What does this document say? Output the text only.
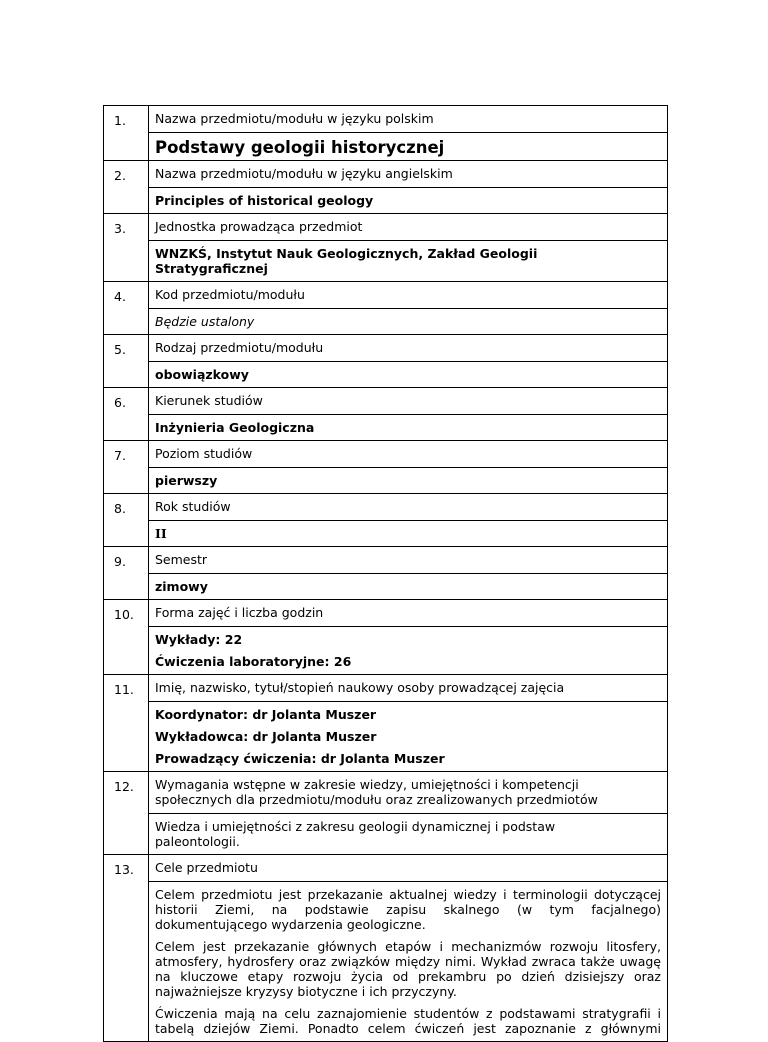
1.	Nazwa przedmiotu/modułu w języku polskim

Podstawy geologii historycznej

2.	Nazwa przedmiotu/modułu w języku angielskim

Principles of historical geology

3.	Jednostka prowadząca przedmiot

WNZKŚ, Instytut Nauk Geologicznych, Zakład Geologii Stratygraficznej

4.	Kod przedmiotu/modułu

Będzie ustalony

5.	Rodzaj przedmiotu/modułu

obowiązkowy

6.	Kierunek studiów

Inżynieria Geologiczna

7.	Poziom studiów

pierwszy

8.	Rok studiów

II

9.	Semestr

zimowy

10.	Forma zajęć i liczba godzin

Wykłady: 22

Ćwiczenia laboratoryjne: 26

11.	Imię, nazwisko, tytuł/stopień naukowy osoby prowadzącej zajęcia

Koordynator: dr Jolanta Muszer

Wykładowca: dr Jolanta Muszer

Prowadzący ćwiczenia: dr Jolanta Muszer

12.	Wymagania wstępne w zakresie wiedzy, umiejętności i kompetencji społecznych dla przedmiotu/modułu oraz zrealizowanych przedmiotów

Wiedza i umiejętności z zakresu geologii dynamicznej i podstaw paleontologii.

13.	Cele przedmiotu

Celem przedmiotu jest przekazanie aktualnej wiedzy i terminologii dotyczącej historii Ziemi, na podstawie zapisu skalnego (w tym facjalnego) dokumentującego wydarzenia geologiczne.

Celem jest przekazanie głównych etapów i mechanizmów rozwoju litosfery, atmosfery, hydrosfery oraz związków między nimi. Wykład zwraca także uwagę na kluczowe etapy rozwoju życia od prekambru po dzień dzisiejszy oraz najważniejsze kryzysy biotyczne i ich przyczyny.

Ćwiczenia mają na celu zaznajomienie studentów z podstawami stratygrafii i tabelą dziejów Ziemi. Ponadto celem ćwiczeń jest zapoznanie z głównymi
